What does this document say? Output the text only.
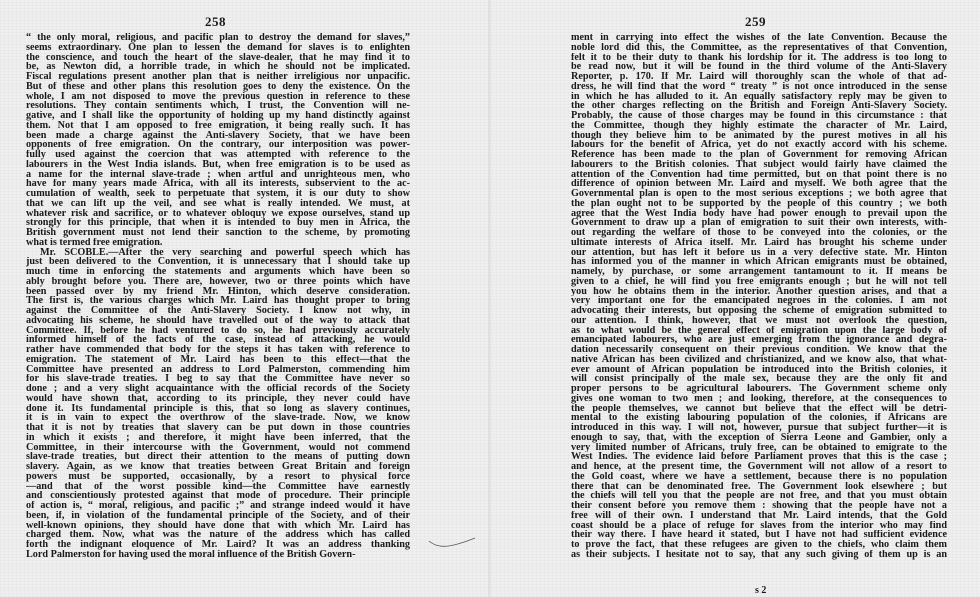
258
“ the only moral, religious, and pacific plan to destroy the demand for slaves,”
seems extraordinary. One plan to lessen the demand for slaves is to enlighten
the conscience, and touch the heart of the slave-dealer, that he may find it to
be, as Newton did, a horrible trade, in which he should not be implicated.
Fiscal regulations present another plan that is neither irreligious nor unpacific.
But of these and other plans this resolution goes to deny the existence. On the
whole, I am not disposed to move the previous question in reference to these
resolutions. They contain sentiments which, I trust, the Convention will ne-
gative, and I shall like the opportunity of holding up my hand distinctly against
them. Not that I am opposed to free emigration, it being really such. It has
been made a charge against the Anti-slavery Society, that we have been
opponents of free emigration. On the contrary, our interposition was power-
fully used against the coercion that was attempted with reference to the
labourers in the West India islands. But, when free emigration is to be used as
a name for the internal slave-trade ; when artful and unrighteous men, who
have for many years made Africa, with all its interests, subservient to the ac-
cumulation of wealth, seek to perpetuate that system, it is our duty to show
that we can lift up the veil, and see what is really intended. We must, at
whatever risk and sacrifice, or to whatever obloquy we expose ourselves, stand up
strongly for this principle, that when it is intended to buy men in Africa, the
British government must not lend their sanction to the scheme, by promoting
what is termed free emigration.
Mr. SCOBLE.—After the very searching and powerful speech which has
just been delivered to the Convention, it is unnecessary that I should take up
much time in enforcing the statements and arguments which have been so
ably brought before you. There are, however, two or three points which have
been passed over by my friend Mr. Hinton, which deserve consideration.
The first is, the various charges which Mr. Laird has thought proper to bring
against the Committee of the Anti-Slavery Society. I know not why, in
advocating his scheme, he should have travelled out of the way to attack that
Committee. If, before he had ventured to do so, he had previously accurately
informed himself of the facts of the case, instead of attacking, he would
rather have commended that body for the steps it has taken with reference to
emigration. The statement of Mr. Laird has been to this effect—that the
Committee have presented an address to Lord Palmerston, commending him
for his slave-trade treaties. I beg to say that the Committee have never so
done ; and a very slight acquaintance with the official records of the Society
would have shown that, according to its principle, they never could have
done it. Its fundamental principle is this, that so long as slavery continues,
it is in vain to expect the overthrow of the slave-trade. Now, we know
that it is not by treaties that slavery can be put down in those countries
in which it exists ; and therefore, it might have been inferred, that the
Committee, in their intercourse with the Government, would not commend
slave-trade treaties, but direct their attention to the means of putting down
slavery. Again, as we know that treaties between Great Britain and foreign
powers must be supported, occasionally, by a resort to physical force
—and that of the worst possible kind—the Committee have earnestly
and conscientiously protested against that mode of procedure. Their principle
of action is, “ moral, religious, and pacific ;” and strange indeed would it have
been, if, in violation of the fundamental principle of the Society, and of their
well-known opinions, they should have done that with which Mr. Laird has
charged them. Now, what was the nature of the address which has called
forth the indignant eloquence of Mr. Laird? It was an address thanking
Lord Palmerston for having used the moral influence of the British Govern-
259
ment in carrying into effect the wishes of the late Convention. Because the
noble lord did this, the Committee, as the representatives of that Convention,
felt it to be their duty to thank his lordship for it. The address is too long to
be read now, but it will be found in the third volume of the Anti-Slavery
Reporter, p. 170. If Mr. Laird will thoroughly scan the whole of that ad-
dress, he will find that the word “ treaty ” is not once introduced in the sense
in which he has alluded to it. An equally satisfactory reply may be given to
the other charges reflecting on the British and Foreign Anti-Slavery Society.
Probably, the cause of those charges may be found in this circumstance : that
the Committee, though they highly estimate the character of Mr. Laird,
though they believe him to be animated by the purest motives in all his
labours for the benefit of Africa, yet do not exactly accord with his scheme.
Reference has been made to the plan of Government for removing African
labourers to the British colonies. That subject would fairly have claimed the
attention of the Convention had time permitted, but on that point there is no
difference of opinion between Mr. Laird and myself. We both agree that the
Governmental plan is open to the most serious exceptions ; we both agree that
the plan ought not to be supported by the people of this country ; we both
agree that the West India body have had power enough to prevail upon the
Government to draw up a plan of emigration to suit their own interests, with-
out regarding the welfare of those to be conveyed into the colonies, or the
ultimate interests of Africa itself. Mr. Laird has brought his scheme under
our attention, but has left it before us in a very defective state. Mr. Hinton
has informed you of the manner in which African emigrants must be obtained,
namely, by purchase, or some arrangement tantamount to it. If means be
given to a chief, he will find you free emigrants enough ; but he will not tell
you how he obtains them in the interior. Another question arises, and that a
very important one for the emancipated negroes in the colonies. I am not
advocating their interests, but opposing the scheme of emigration submitted to
our attention. I think, however, that we must not overlook the question,
as to what would be the general effect of emigration upon the large body of
emancipated labourers, who are just emerging from the ignorance and degra-
dation necessarily consequent on their previous condition. We know that the
native African has been civilized and christianized, and we know also, that what-
ever amount of African population be introduced into the British colonies, it
will consist principally of the male sex, because they are the only fit and
proper persons to be agricultural labourers. The Government scheme only
gives one woman to two men ; and looking, therefore, at the consequences to
the people themselves, we cannot but believe that the effect will be detri-
mental to the existing labouring population of the colonies, if Africans are
introduced in this way. I will not, however, pursue that subject further—it is
enough to say, that, with the exception of Sierra Leone and Gambier, only a
very limited number of Africans, truly free, can be obtained to emigrate to the
West Indies. The evidence laid before Parliament proves that this is the case ;
and hence, at the present time, the Government will not allow of a resort to
the Gold coast, where we have a settlement, because there is no population
there that can be denominated free. The Government look elsewhere ; but
the chiefs will tell you that the people are not free, and that you must obtain
their consent before you remove them : showing that the people have not a
free will of their own. I understand that Mr. Laird intends, that the Gold
coast should be a place of refuge for slaves from the interior who may find
their way there. I have heard it stated, but I have not had sufficient evidence
to prove the fact, that these refugees are given to the chiefs, who claim them
as their subjects. I hesitate not to say, that any such giving of them up is an
s 2
